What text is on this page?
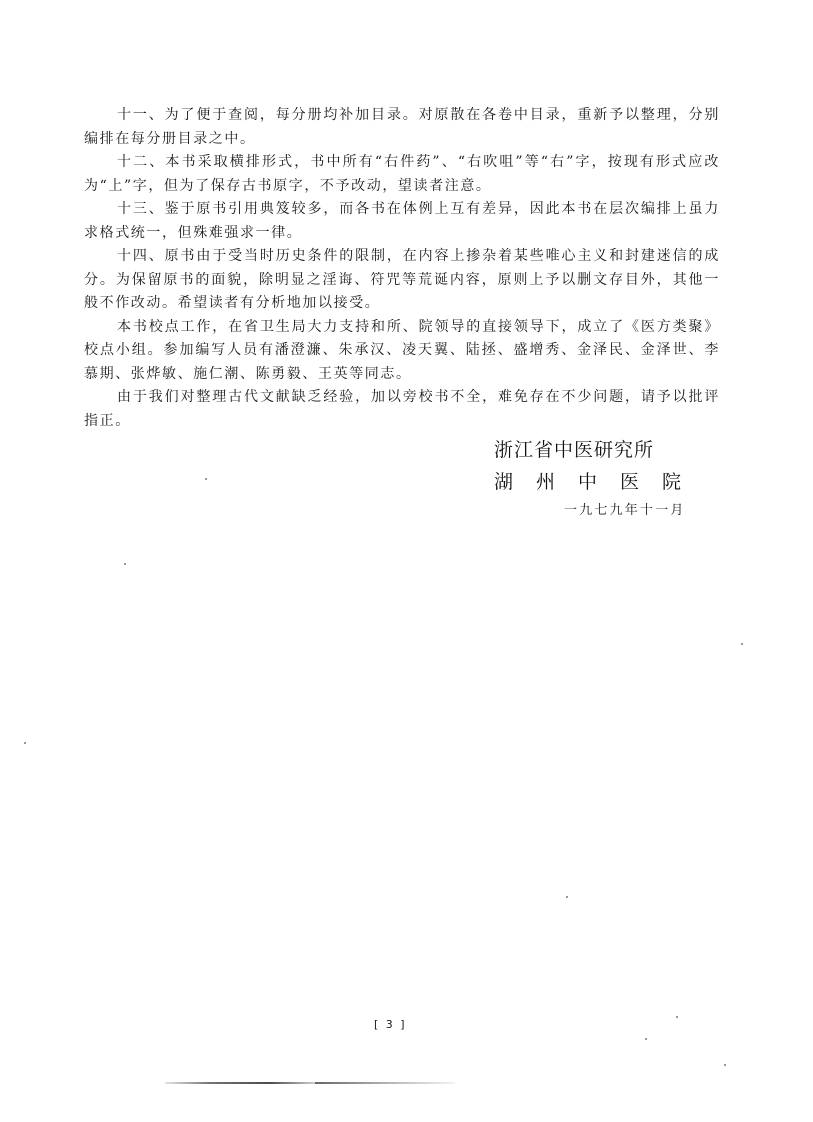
十一、为了便于查阅，每分册均补加目录。对原散在各卷中目录，重新予以整理，分别编排在每分册目录之中。

十二、本书采取横排形式，书中所有“右件药”、“右吹咀”等“右”字，按现有形式应改为“上”字，但为了保存古书原字，不予改动，望读者注意。

十三、鉴于原书引用典笈较多，而各书在体例上互有差异，因此本书在层次编排上虽力求格式统一，但殊难强求一律。

十四、原书由于受当时历史条件的限制，在内容上掺杂着某些唯心主义和封建迷信的成分。为保留原书的面貌，除明显之淫诲、符咒等荒诞内容，原则上予以删文存目外，其他一般不作改动。希望读者有分析地加以接受。

本书校点工作，在省卫生局大力支持和所、院领导的直接领导下，成立了《医方类聚》校点小组。参加编写人员有潘澄濂、朱承汉、凌天翼、陆拯、盛增秀、金泽民、金泽世、李慕期、张烨敏、施仁潮、陈勇毅、王英等同志。

由于我们对整理古代文献缺乏经验，加以旁校书不全，难免存在不少问题，请予以批评指正。

浙江省中医研究所
湖州中医院
一九七九年十一月
[ 3 ]
